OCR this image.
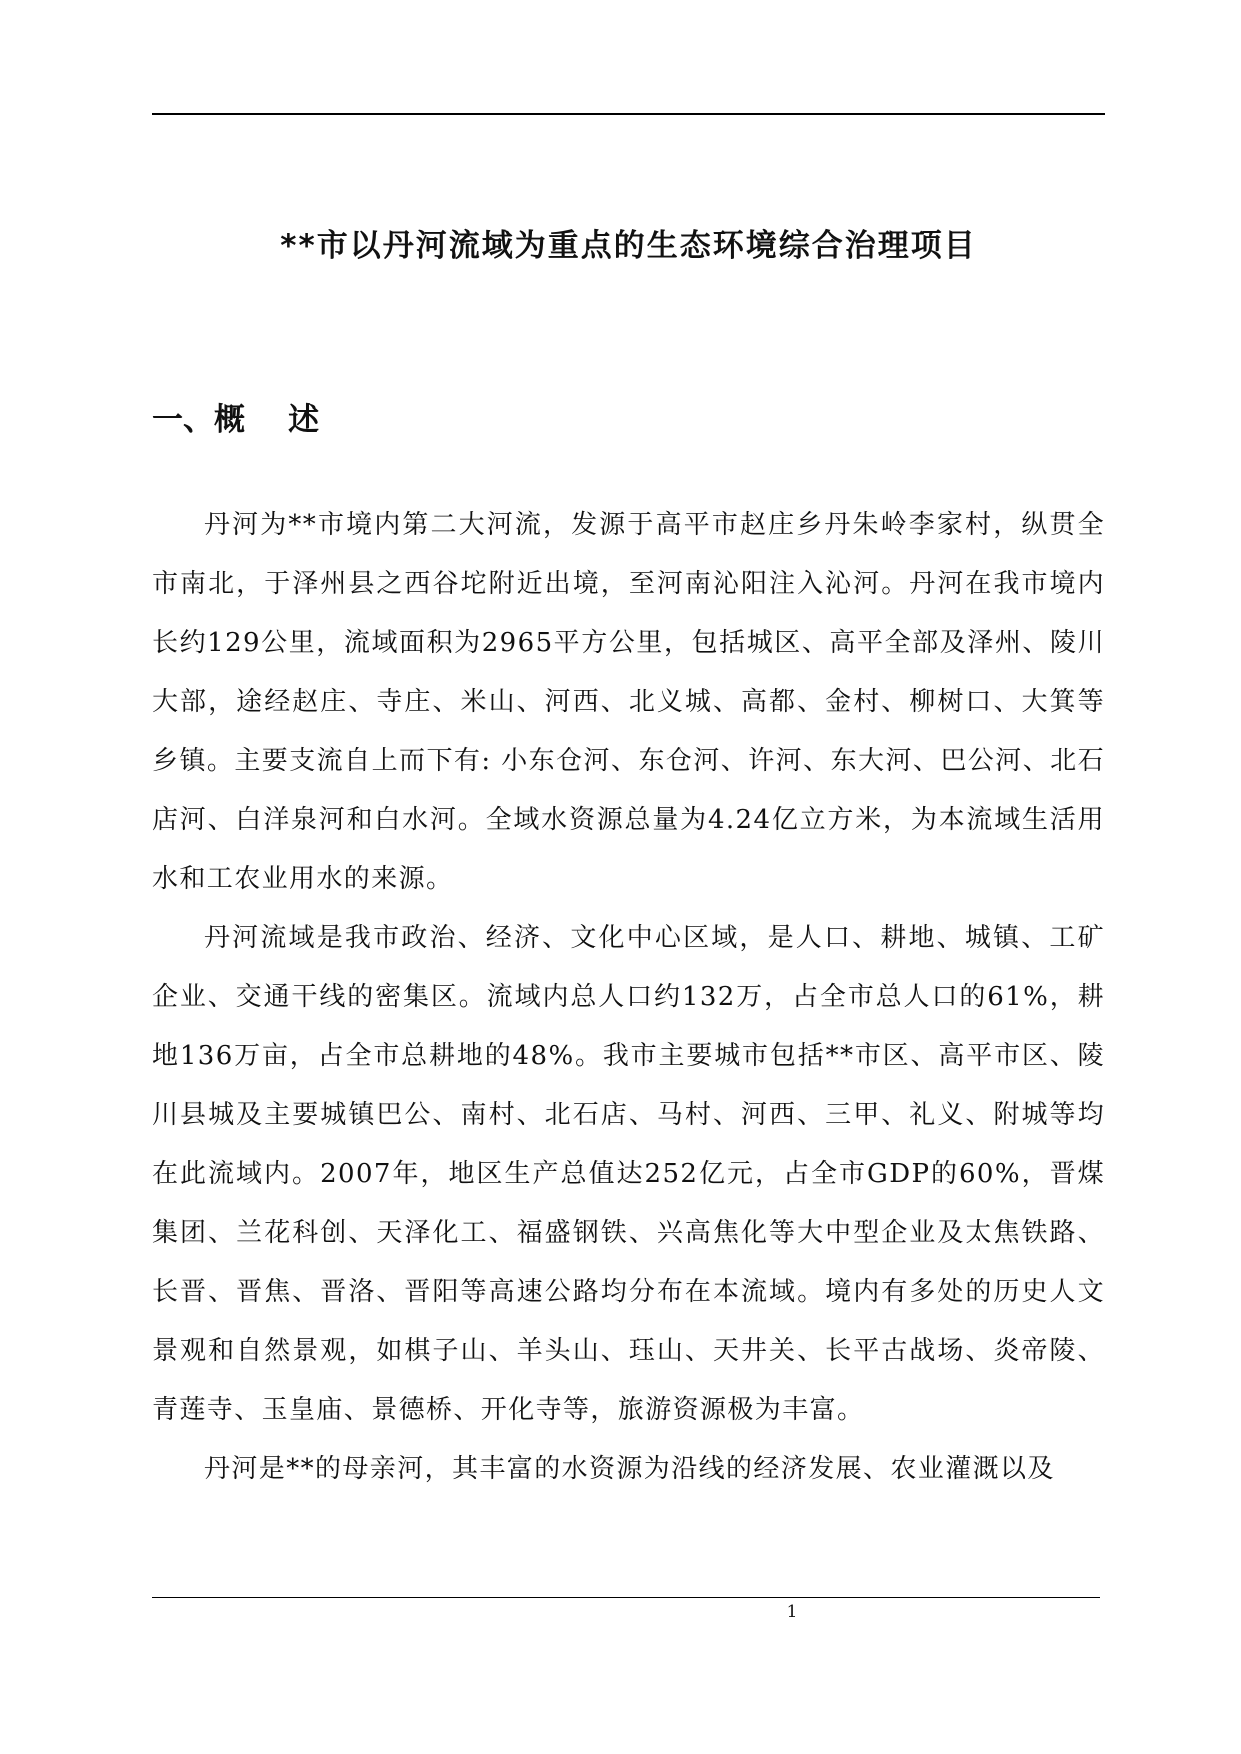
**市以丹河流域为重点的生态环境综合治理项目
一、概    述

丹河为**市境内第二大河流，发源于高平市赵庄乡丹朱岭李家村，纵贯全市南北，于泽州县之西谷坨附近出境，至河南沁阳注入沁河。丹河在我市境内长约129公里，流域面积为2965平方公里，包括城区、高平全部及泽州、陵川大部，途经赵庄、寺庄、米山、河西、北义城、高都、金村、柳树口、大箕等乡镇。主要支流自上而下有: 小东仓河、东仓河、许河、东大河、巴公河、北石店河、白洋泉河和白水河。全域水资源总量为4.24亿立方米，为本流域生活用水和工农业用水的来源。

丹河流域是我市政治、经济、文化中心区域，是人口、耕地、城镇、工矿企业、交通干线的密集区。流域内总人口约132万，占全市总人口的61%，耕地136万亩，占全市总耕地的48%。我市主要城市包括**市区、高平市区、陵川县城及主要城镇巴公、南村、北石店、马村、河西、三甲、礼义、附城等均在此流域内。2007年，地区生产总值达252亿元，占全市GDP的60%，晋煤集团、兰花科创、天泽化工、福盛钢铁、兴高焦化等大中型企业及太焦铁路、长晋、晋焦、晋洛、晋阳等高速公路均分布在本流域。境内有多处的历史人文景观和自然景观，如棋子山、羊头山、珏山、天井关、长平古战场、炎帝陵、青莲寺、玉皇庙、景德桥、开化寺等，旅游资源极为丰富。

丹河是**的母亲河，其丰富的水资源为沿线的经济发展、农业灌溉以及

1
